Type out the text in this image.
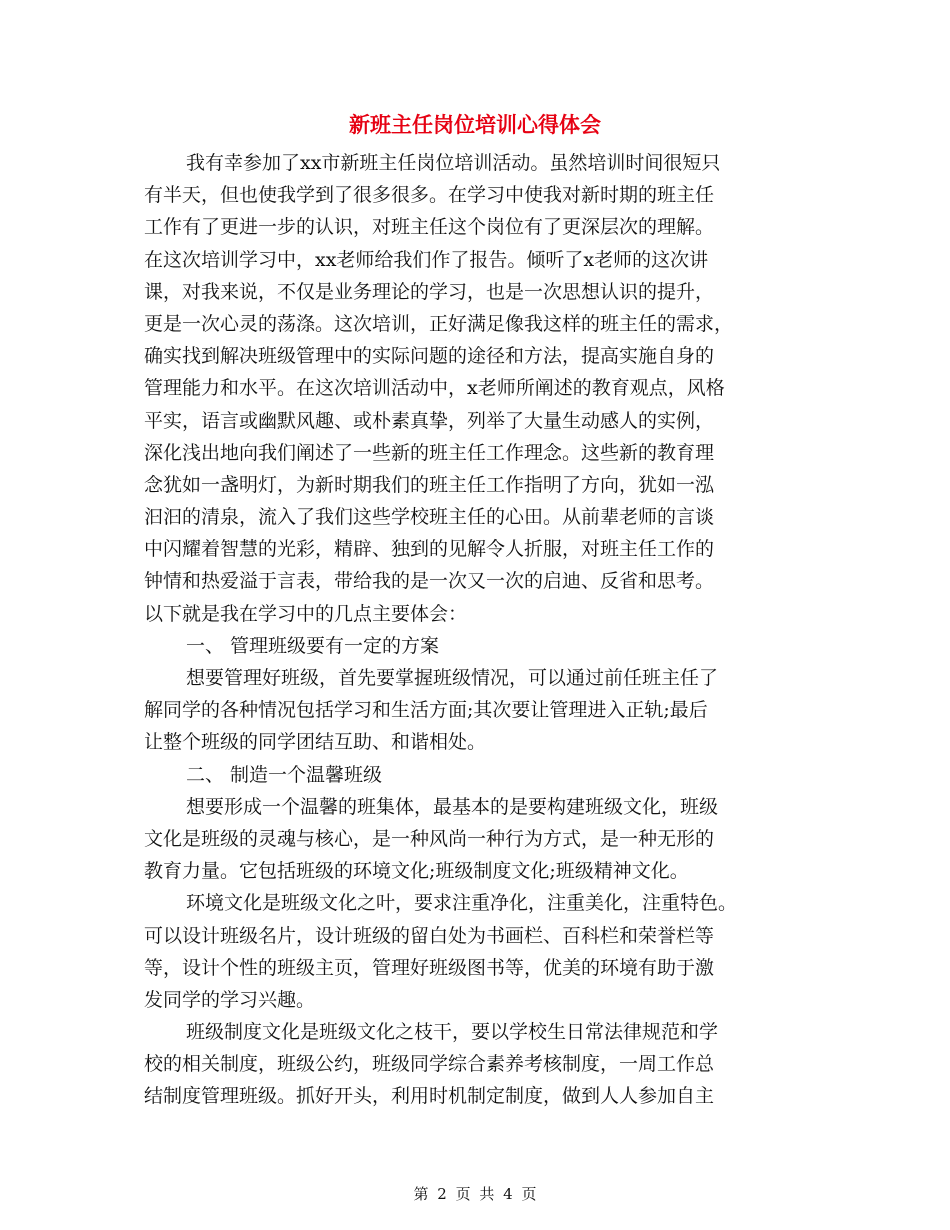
新班主任岗位培训心得体会
我有幸参加了xx市新班主任岗位培训活动。虽然培训时间很短只
有半天，但也使我学到了很多很多。在学习中使我对新时期的班主任
工作有了更进一步的认识，对班主任这个岗位有了更深层次的理解。
在这次培训学习中，xx老师给我们作了报告。倾听了x老师的这次讲
课，对我来说，不仅是业务理论的学习，也是一次思想认识的提升，
更是一次心灵的荡涤。这次培训，正好满足像我这样的班主任的需求，
确实找到解决班级管理中的实际问题的途径和方法，提高实施自身的
管理能力和水平。在这次培训活动中，x老师所阐述的教育观点，风格
平实，语言或幽默风趣、或朴素真挚，列举了大量生动感人的实例，
深化浅出地向我们阐述了一些新的班主任工作理念。这些新的教育理
念犹如一盏明灯，为新时期我们的班主任工作指明了方向，犹如一泓
汩汩的清泉，流入了我们这些学校班主任的心田。从前辈老师的言谈
中闪耀着智慧的光彩，精辟、独到的见解令人折服，对班主任工作的
钟情和热爱溢于言表，带给我的是一次又一次的启迪、反省和思考。
以下就是我在学习中的几点主要体会：
一、 管理班级要有一定的方案
想要管理好班级，首先要掌握班级情况，可以通过前任班主任了
解同学的各种情况包括学习和生活方面;其次要让管理进入正轨;最后
让整个班级的同学团结互助、和谐相处。
二、 制造一个温馨班级
想要形成一个温馨的班集体，最基本的是要构建班级文化，班级
文化是班级的灵魂与核心，是一种风尚一种行为方式，是一种无形的
教育力量。它包括班级的环境文化;班级制度文化;班级精神文化。
环境文化是班级文化之叶，要求注重净化，注重美化，注重特色。
可以设计班级名片，设计班级的留白处为书画栏、百科栏和荣誉栏等
等，设计个性的班级主页，管理好班级图书等，优美的环境有助于激
发同学的学习兴趣。
班级制度文化是班级文化之枝干，要以学校生日常法律规范和学
校的相关制度，班级公约，班级同学综合素养考核制度，一周工作总
结制度管理班级。抓好开头，利用时机制定制度，做到人人参加自主
第 2 页 共 4 页
